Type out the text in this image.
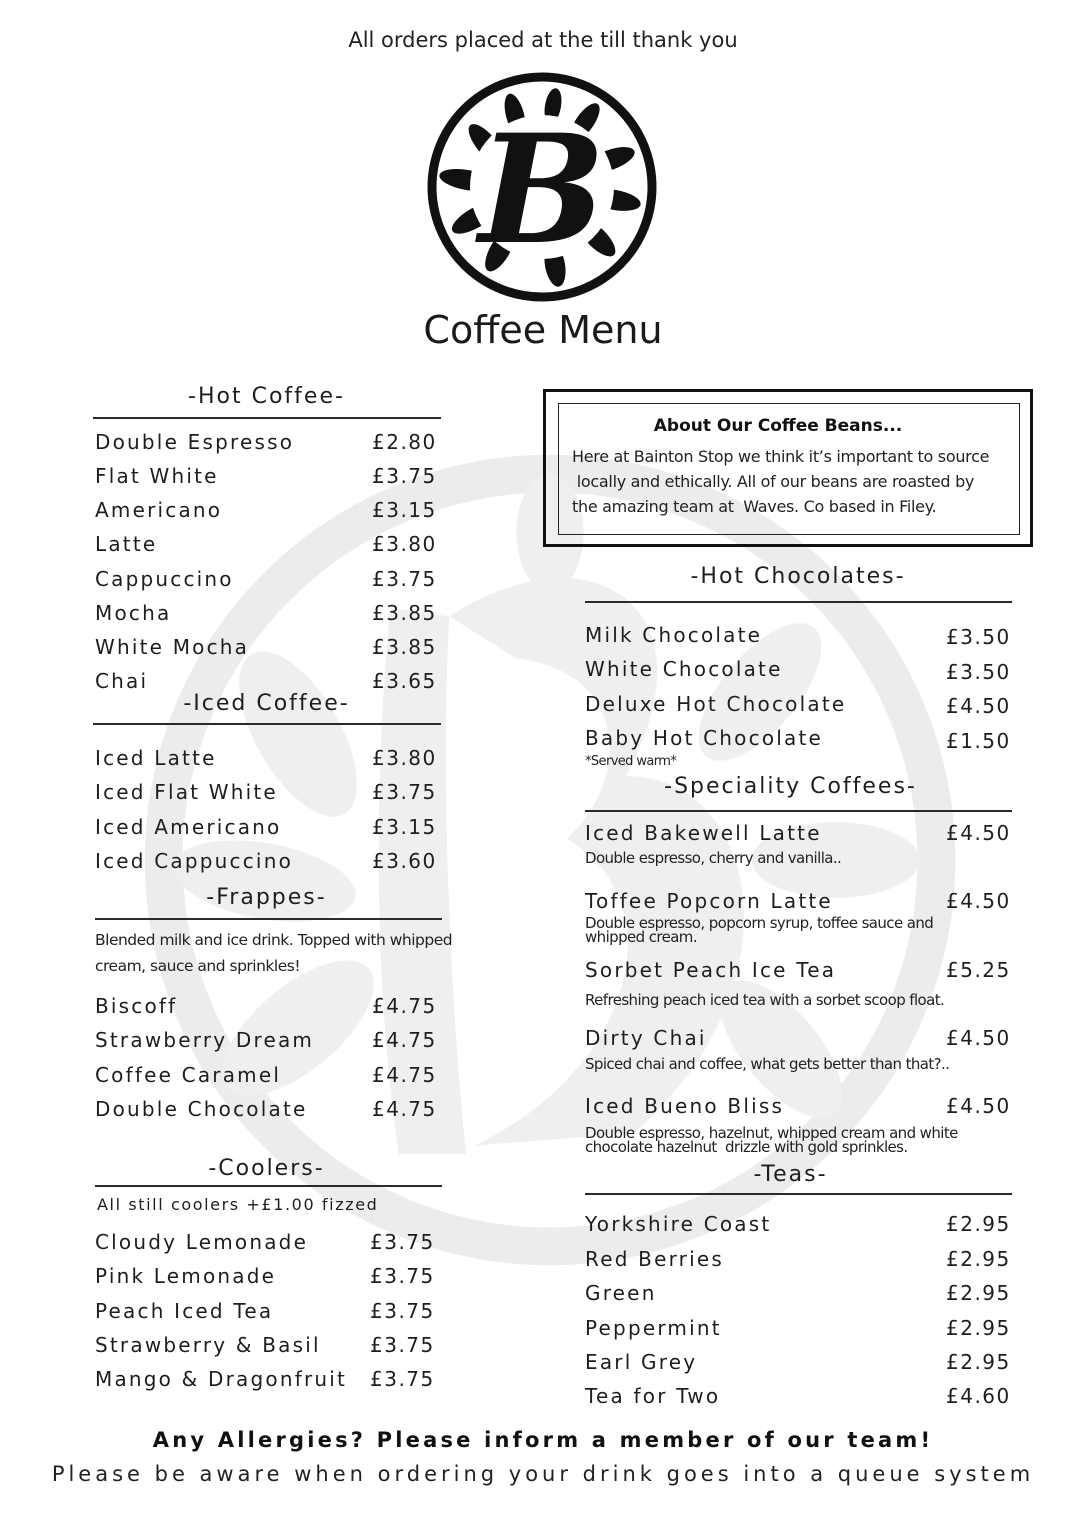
All orders placed at the till thank you
B
Coffee Menu
-Hot Coffee-
Double Espresso	£2.80
Flat White	£3.75
Americano	£3.15
Latte	£3.80
Cappuccino	£3.75
Mocha	£3.85
White Mocha	£3.85
Chai	£3.65
-Iced Coffee-
Iced Latte	£3.80
Iced Flat White	£3.75
Iced Americano	£3.15
Iced Cappuccino	£3.60
-Frappes-
Blended milk and ice drink. Topped with whipped
cream, sauce and sprinkles!
Biscoff	£4.75
Strawberry Dream	£4.75
Coffee Caramel	£4.75
Double Chocolate	£4.75
-Coolers-
All still coolers +£1.00 fizzed
Cloudy Lemonade	£3.75
Pink Lemonade	£3.75
Peach Iced Tea	£3.75
Strawberry & Basil £3.75
Mango & Dragonfruit £3.75
About Our Coffee Beans...
Here at Bainton Stop we think it’s important to source
locally and ethically. All of our beans are roasted by
the amazing team at  Waves. Co based in Filey.
-Hot Chocolates-
Milk Chocolate	£3.50
White Chocolate	£3.50
Deluxe Hot Chocolate	£4.50
Baby Hot Chocolate	£1.50
*Served warm*
-Speciality Coffees-
Iced Bakewell Latte	£4.50
Double espresso, cherry and vanilla..
Toffee Popcorn Latte	£4.50
Double espresso, popcorn syrup, toffee sauce and
whipped cream.
Sorbet Peach Ice Tea	£5.25
Refreshing peach iced tea with a sorbet scoop float.
Dirty Chai	£4.50
Spiced chai and coffee, what gets better than that?..
Iced Bueno Bliss	£4.50
Double espresso, hazelnut, whipped cream and white
chocolate hazelnut  drizzle with gold sprinkles.
-Teas-
Yorkshire Coast	£2.95
Red Berries	£2.95
Green	£2.95
Peppermint	£2.95
Earl Grey	£2.95
Tea for Two	£4.60
Any Allergies? Please inform a member of our team!
Please be aware when ordering your drink goes into a queue system
